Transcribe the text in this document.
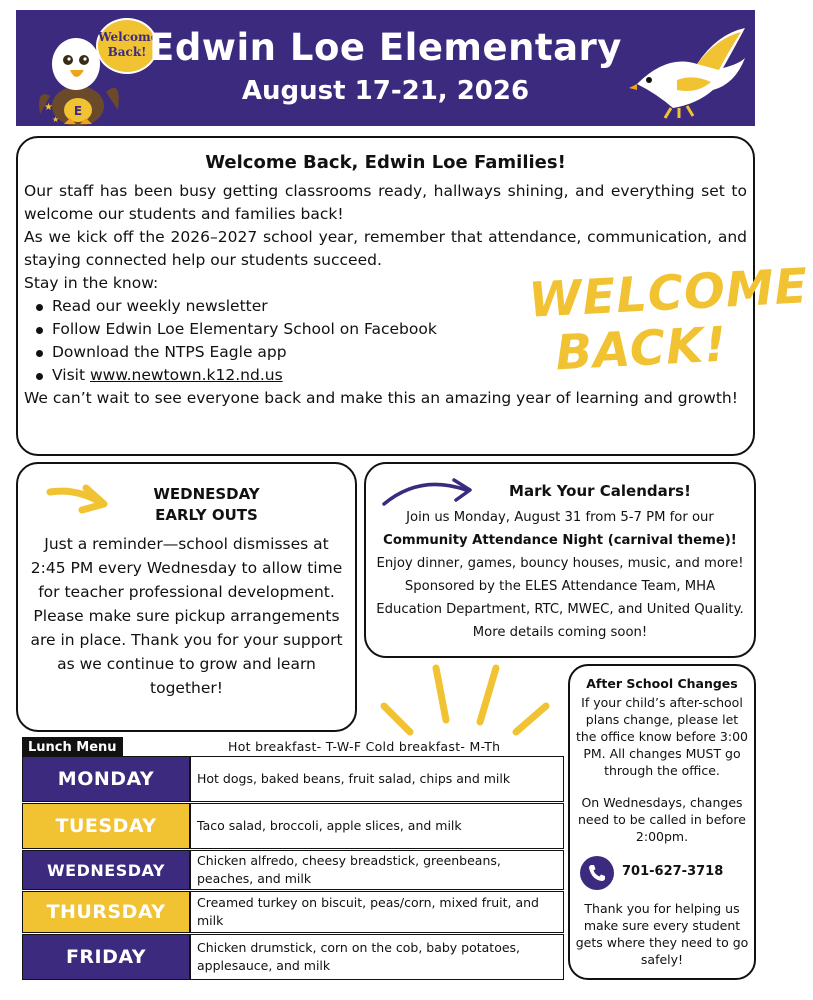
E
★
★
Welcome
Back! Edwin Loe Elementary
August 17-21, 2026
Welcome Back, Edwin Loe Families!

Our staff has been busy getting classrooms ready, hallways shining, and everything set to welcome our students and families back!

As we kick off the 2026–2027 school year, remember that attendance, communication, and staying connected help our students succeed.

Stay in the know:

Read our weekly newsletter
Follow Edwin Loe Elementary School on Facebook
Download the NTPS Eagle app
Visit www.newtown.k12.nd.us

We can’t wait to see everyone back and make this an amazing year of learning and growth!

WELCOME
BACK!
WEDNESDAY
EARLY OUTS
Just a reminder—school dismisses at 2:45 PM every Wednesday to allow time for teacher professional development. Please make sure pickup arrangements are in place. Thank you for your support as we continue to grow and learn together!
Mark Your Calendars!
Join us Monday, August 31 from 5-7 PM for our Community Attendance Night (carnival theme)!
Enjoy dinner, games, bouncy houses, music, and more!
Sponsored by the ELES Attendance Team, MHA Education Department, RTC, MWEC, and United Quality.
More details coming soon!
Lunch Menu	Hot breakfast- T-W-F Cold breakfast- M-Th
MONDAY	Hot dogs, baked beans, fruit salad, chips and milk
TUESDAY	Taco salad, broccoli, apple slices, and milk
WEDNESDAY	Chicken alfredo, cheesy breadstick, greenbeans, peaches, and milk
THURSDAY	Creamed turkey on biscuit, peas/corn, mixed fruit, and milk
FRIDAY	Chicken drumstick, corn on the cob, baby potatoes, applesauce, and milk
After School Changes
If your child’s after-school plans change, please let the office know before 3:00 PM. All changes MUST go through the office.
On Wednesdays, changes need to be called in before 2:00pm.
701-627-3718
Thank you for helping us make sure every student gets where they need to go safely!
